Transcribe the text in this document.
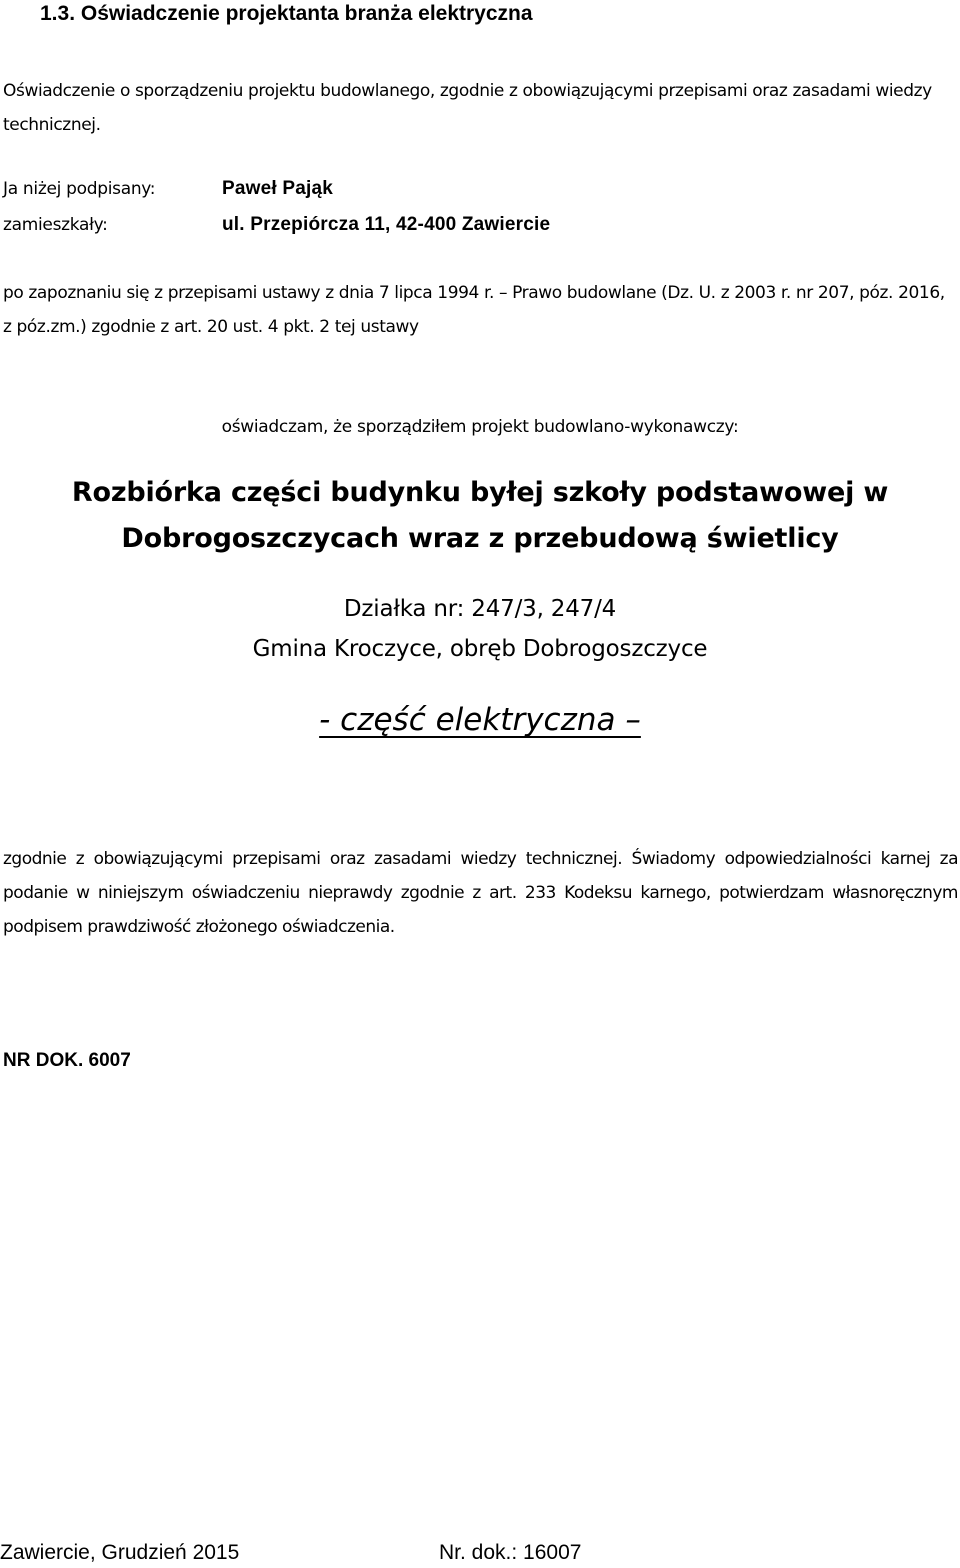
1.3. Oświadczenie projektanta branża elektryczna

Oświadczenie o sporządzeniu projektu budowlanego, zgodnie z obowiązującymi przepisami oraz zasadami wiedzy technicznej.

Ja niżej podpisany:	Paweł Pająk
zamieszkały:	ul. Przepiórcza 11, 42-400 Zawiercie

po zapoznaniu się z przepisami ustawy z dnia 7 lipca 1994 r. – Prawo budowlane (Dz. U. z 2003 r. nr 207, póz. 2016, z póz.zm.) zgodnie z art. 20 ust. 4 pkt. 2 tej ustawy

oświadczam, że sporządziłem projekt budowlano-wykonawczy:

Rozbiórka części budynku byłej szkoły podstawowej w

Dobrogoszczycach wraz z przebudową świetlicy

Działka nr: 247/3, 247/4

Gmina Kroczyce, obręb Dobrogoszczyce

- część elektryczna –

zgodnie z obowiązującymi przepisami oraz zasadami wiedzy technicznej. Świadomy odpowiedzialności karnej za podanie w niniejszym oświadczeniu nieprawdy zgodnie z art. 233 Kodeksu karnego, potwierdzam własnoręcznym podpisem prawdziwość złożonego oświadczenia.

NR DOK. 6007
Zawiercie, Grudzień 2015	Nr. dok.: 16007
